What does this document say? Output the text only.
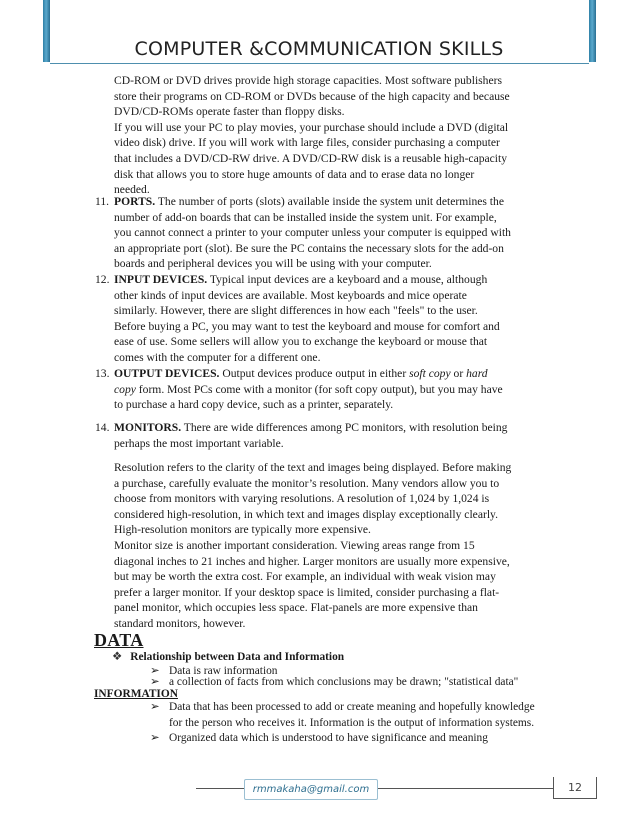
COMPUTER &COMMUNICATION SKILLS
CD-ROM or DVD drives provide high storage capacities. Most software publishers
store their programs on CD-ROM or DVDs because of the high capacity and because
DVD/CD-ROMs operate faster than floppy disks.
If you will use your PC to play movies, your purchase should include a DVD (digital
video disk) drive. If you will work with large files, consider purchasing a computer
that includes a DVD/CD-RW drive. A DVD/CD-RW disk is a reusable high-capacity
disk that allows you to store huge amounts of data and to erase data no longer
needed.
11. PORTS. The number of ports (slots) available inside the system unit determines the
number of add-on boards that can be installed inside the system unit. For example,
you cannot connect a printer to your computer unless your computer is equipped with
an appropriate port (slot). Be sure the PC contains the necessary slots for the add-on
boards and peripheral devices you will be using with your computer.
12. INPUT DEVICES. Typical input devices are a keyboard and a mouse, although
other kinds of input devices are available. Most keyboards and mice operate
similarly. However, there are slight differences in how each "feels" to the user.
Before buying a PC, you may want to test the keyboard and mouse for comfort and
ease of use. Some sellers will allow you to exchange the keyboard or mouse that
comes with the computer for a different one.
13. OUTPUT DEVICES. Output devices produce output in either soft copy or hard
copy form. Most PCs come with a monitor (for soft copy output), but you may have
to purchase a hard copy device, such as a printer, separately.
14. MONITORS. There are wide differences among PC monitors, with resolution being
perhaps the most important variable.
Resolution refers to the clarity of the text and images being displayed. Before making
a purchase, carefully evaluate the monitor’s resolution. Many vendors allow you to
choose from monitors with varying resolutions. A resolution of 1,024 by 1,024 is
considered high-resolution, in which text and images display exceptionally clearly.
High-resolution monitors are typically more expensive.
Monitor size is another important consideration. Viewing areas range from 15
diagonal inches to 21 inches and higher. Larger monitors are usually more expensive,
but may be worth the extra cost. For example, an individual with weak vision may
prefer a larger monitor. If your desktop space is limited, consider purchasing a flat-
panel monitor, which occupies less space. Flat-panels are more expensive than
standard monitors, however.
DATA
❖ Relationship between Data and Information
➢ Data is raw information
➢ a collection of facts from which conclusions may be drawn; "statistical data"
INFORMATION
➢ Data that has been processed to add or create meaning and hopefully knowledge
for the person who receives it. Information is the output of information systems.
➢ Organized data which is understood to have significance and meaning
rmmakaha@gmail.com	12
